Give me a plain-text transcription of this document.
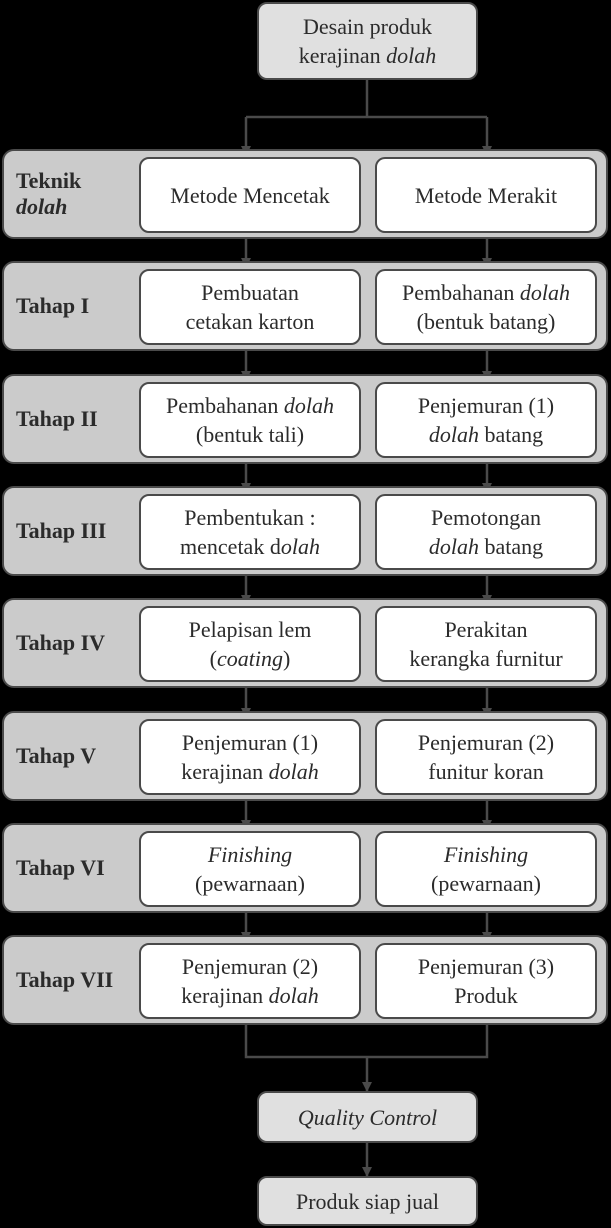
Desain produk
kerajinan dolah
Teknik
dolah	Metode Mencetak	Metode Merakit
Tahap I
Pembuatan
cetakan karton
Pembahanan dolah
(bentuk batang)
Tahap II
Pembahanan dolah
(bentuk tali)
Penjemuran (1)
dolah batang
Tahap III
Pembentukan :
mencetak dolah
Pemotongan
dolah batang
Tahap IV
Pelapisan lem
(coating)
Perakitan
kerangka furnitur
Tahap V
Penjemuran (1)
kerajinan dolah
Penjemuran (2)
funitur koran
Tahap VI
Finishing
(pewarnaan)
Finishing
(pewarnaan)
Tahap VII
Penjemuran (2)
kerajinan dolah
Penjemuran (3)
Produk
Quality Control
Produk siap jual
